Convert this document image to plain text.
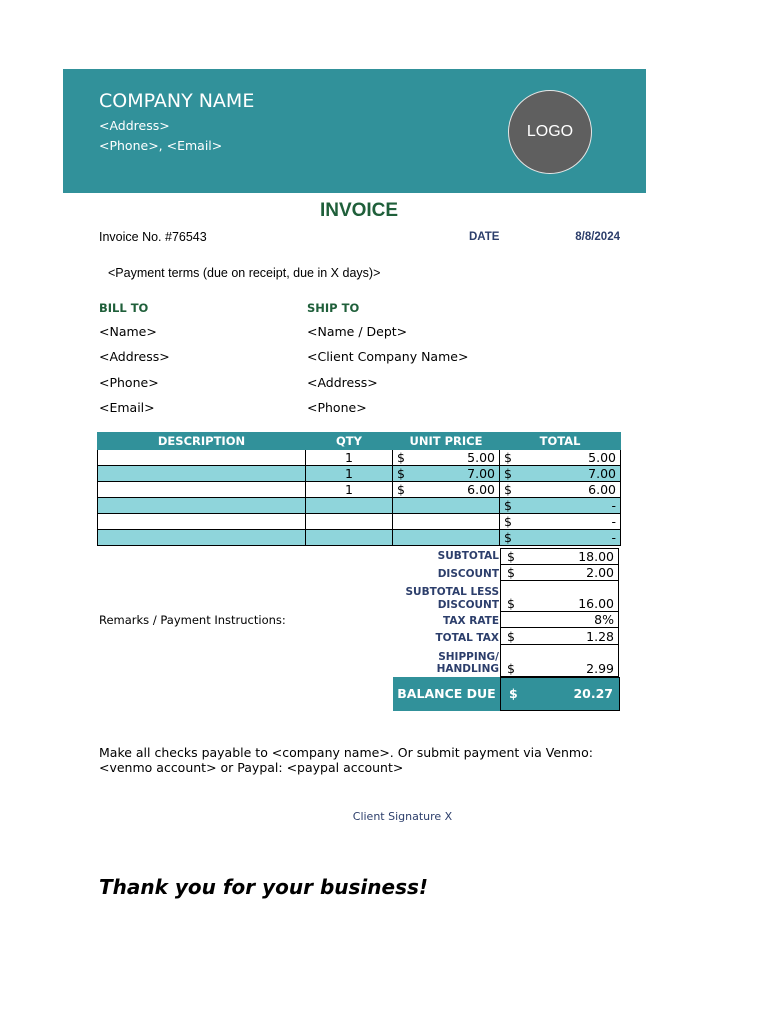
COMPANY NAME
<Address>
<Phone>, <Email>
LOGO
INVOICE
Invoice No. #76543	DATE	8/8/2024
<Payment terms (due on receipt, due in X days)>
BILL TO
<Name>
<Address>
<Phone>
<Email>
SHIP TO
<Name / Dept>
<Client Company Name>
<Address>
<Phone>
DESCRIPTION	QTY	UNIT PRICE		TOTAL	
	1	$	5.00	$	5.00
	1	$	7.00	$	7.00
	1	$	6.00	$	6.00
				$	-
				$	-
				$	-
SUBTOTAL $	18.00
DISCOUNT $	2.00
SUBTOTAL LESS
DISCOUNT $	16.00
TAX RATE	8%
TOTAL TAX $	1.28
SHIPPING/
HANDLING $	2.99
BALANCE DUE	$	20.27
Remarks / Payment Instructions:
Make all checks payable to <company name>. Or submit payment via Venmo: <venmo account> or Paypal: <paypal account>
Client Signature X
Thank you for your business!
